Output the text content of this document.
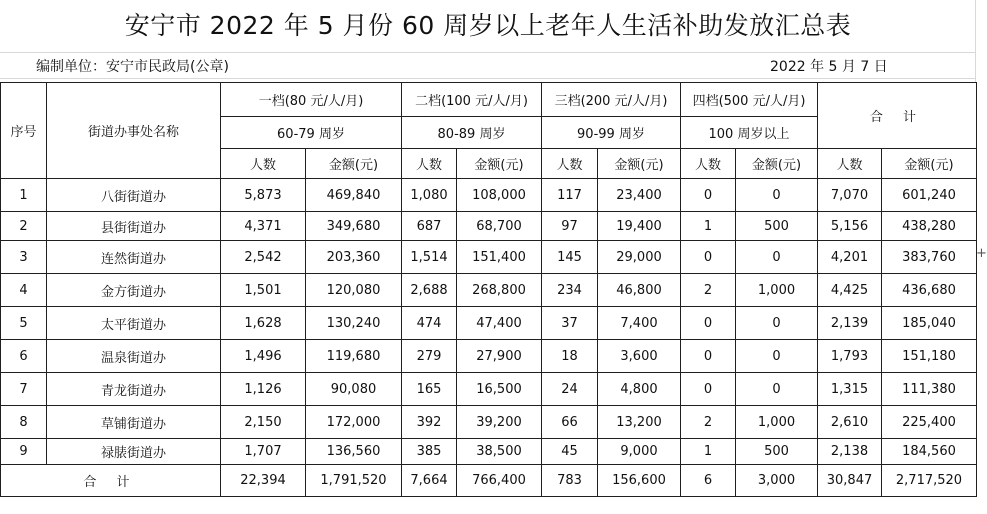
安宁市 2022 年 5 月份 60 周岁以上老年人生活补助发放汇总表
编制单位：安宁市民政局(公章)	2022 年 5 月 7 日
序号	街道办事处名称	一档(80 元/人/月)		二档(100 元/人/月)		三档(200 元/人/月)		四档(500 元/人/月)		合 计	
		60-79 周岁		80-89 周岁		90-99 周岁		100 周岁以上			
		人数	金额(元)	人数	金额(元)	人数	金额(元)	人数	金额(元)	人数	金额(元)
1	八街街道办	5,873	469,840	1,080	108,000	117	23,400	0	0	7,070	601,240
2	县街街道办	4,371	349,680	687	68,700	97	19,400	1	500	5,156	438,280
3	连然街道办	2,542	203,360	1,514	151,400	145	29,000	0	0	4,201	383,760
4	金方街道办	1,501	120,080	2,688	268,800	234	46,800	2	1,000	4,425	436,680
5	太平街道办	1,628	130,240	474	47,400	37	7,400	0	0	2,139	185,040
6	温泉街道办	1,496	119,680	279	27,900	18	3,600	0	0	1,793	151,180
7	青龙街道办	1,126	90,080	165	16,500	24	4,800	0	0	1,315	111,380
8	草铺街道办	2,150	172,000	392	39,200	66	13,200	2	1,000	2,610	225,400
9	禄脿街道办	1,707	136,560	385	38,500	45	9,000	1	500	2,138	184,560
合 计		22,394	1,791,520	7,664	766,400	783	156,600	6	3,000	30,847	2,717,520
+
